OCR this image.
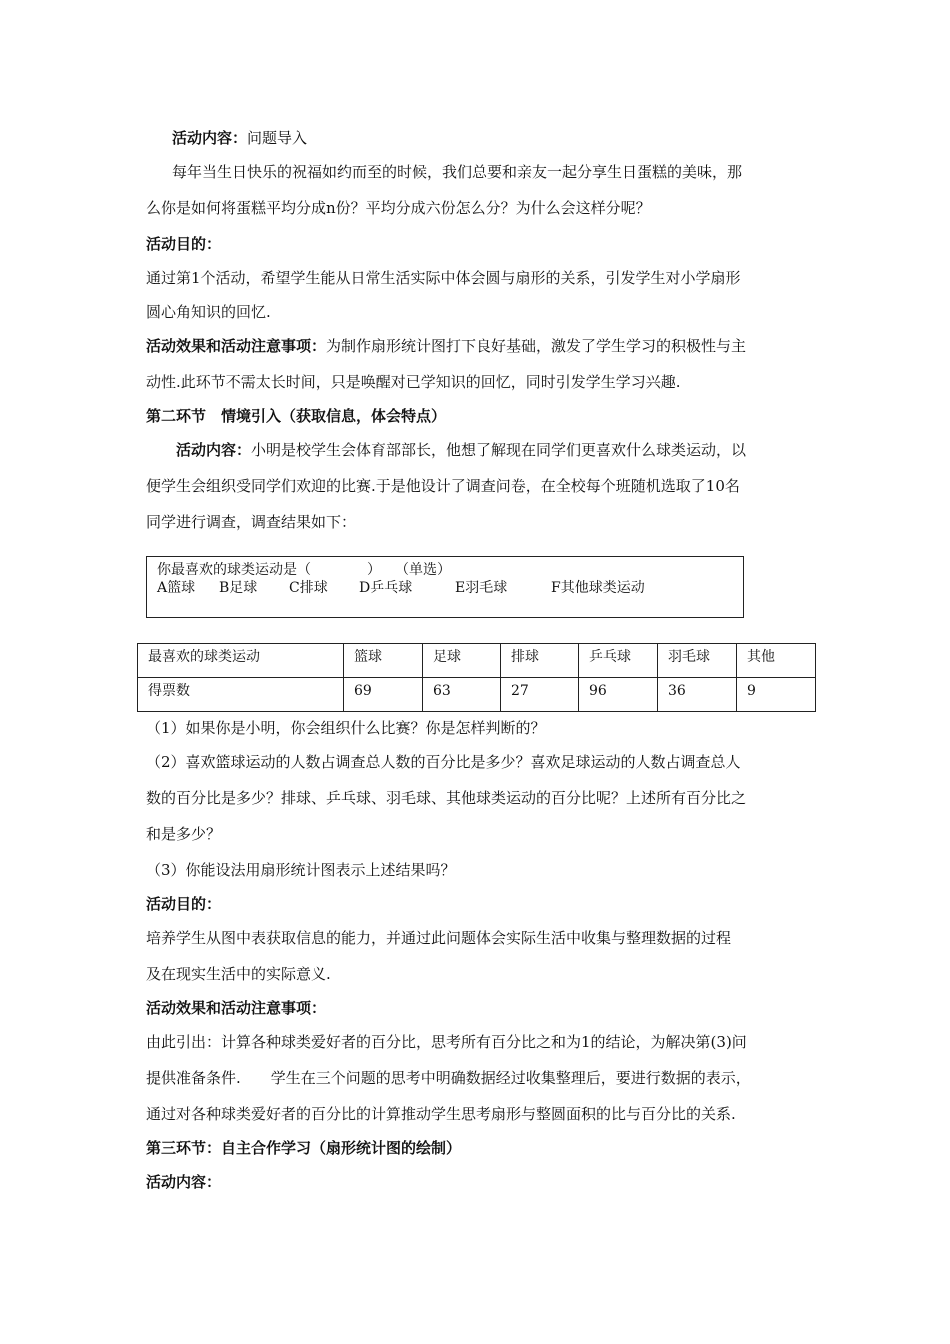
活动内容：问题导入
每年当生日快乐的祝福如约而至的时候，我们总要和亲友一起分享生日蛋糕的美味，那
么你是如何将蛋糕平均分成n份？平均分成六份怎么分？为什么会这样分呢？
活动目的：
通过第1个活动，希望学生能从日常生活实际中体会圆与扇形的关系，引发学生对小学扇形
圆心角知识的回忆.
活动效果和活动注意事项：为制作扇形统计图打下良好基础，激发了学生学习的积极性与主
动性.此环节不需太长时间，只是唤醒对已学知识的回忆，同时引发学生学习兴趣.
第二环节　情境引入（获取信息，体会特点）
活动内容：小明是校学生会体育部部长，他想了解现在同学们更喜欢什么球类运动，以
便学生会组织受同学们欢迎的比赛.于是他设计了调查问卷，在全校每个班随机选取了10名
同学进行调查，调查结果如下：
你最喜欢的球类运动是（　　　　）　　（单选）
A篮球 B足球 C排球 D乒乓球	E羽毛球	F其他球类运动
最喜欢的球类运动	篮球	足球	排球	乒乓球	羽毛球	其他
得票数	69	63	27	96	36	9
（1）如果你是小明，你会组织什么比赛？你是怎样判断的？
（2）喜欢篮球运动的人数占调查总人数的百分比是多少？喜欢足球运动的人数占调查总人
数的百分比是多少？排球、乒乓球、羽毛球、其他球类运动的百分比呢？上述所有百分比之
和是多少？
（3）你能设法用扇形统计图表示上述结果吗？
活动目的：
培养学生从图中表获取信息的能力，并通过此问题体会实际生活中收集与整理数据的过程
及在现实生活中的实际意义.
活动效果和活动注意事项：
由此引出：计算各种球类爱好者的百分比，思考所有百分比之和为1的结论，为解决第(3)问
提供准备条件.　　学生在三个问题的思考中明确数据经过收集整理后，要进行数据的表示，
通过对各种球类爱好者的百分比的计算推动学生思考扇形与整圆面积的比与百分比的关系.
第三环节：自主合作学习（扇形统计图的绘制）
活动内容：
